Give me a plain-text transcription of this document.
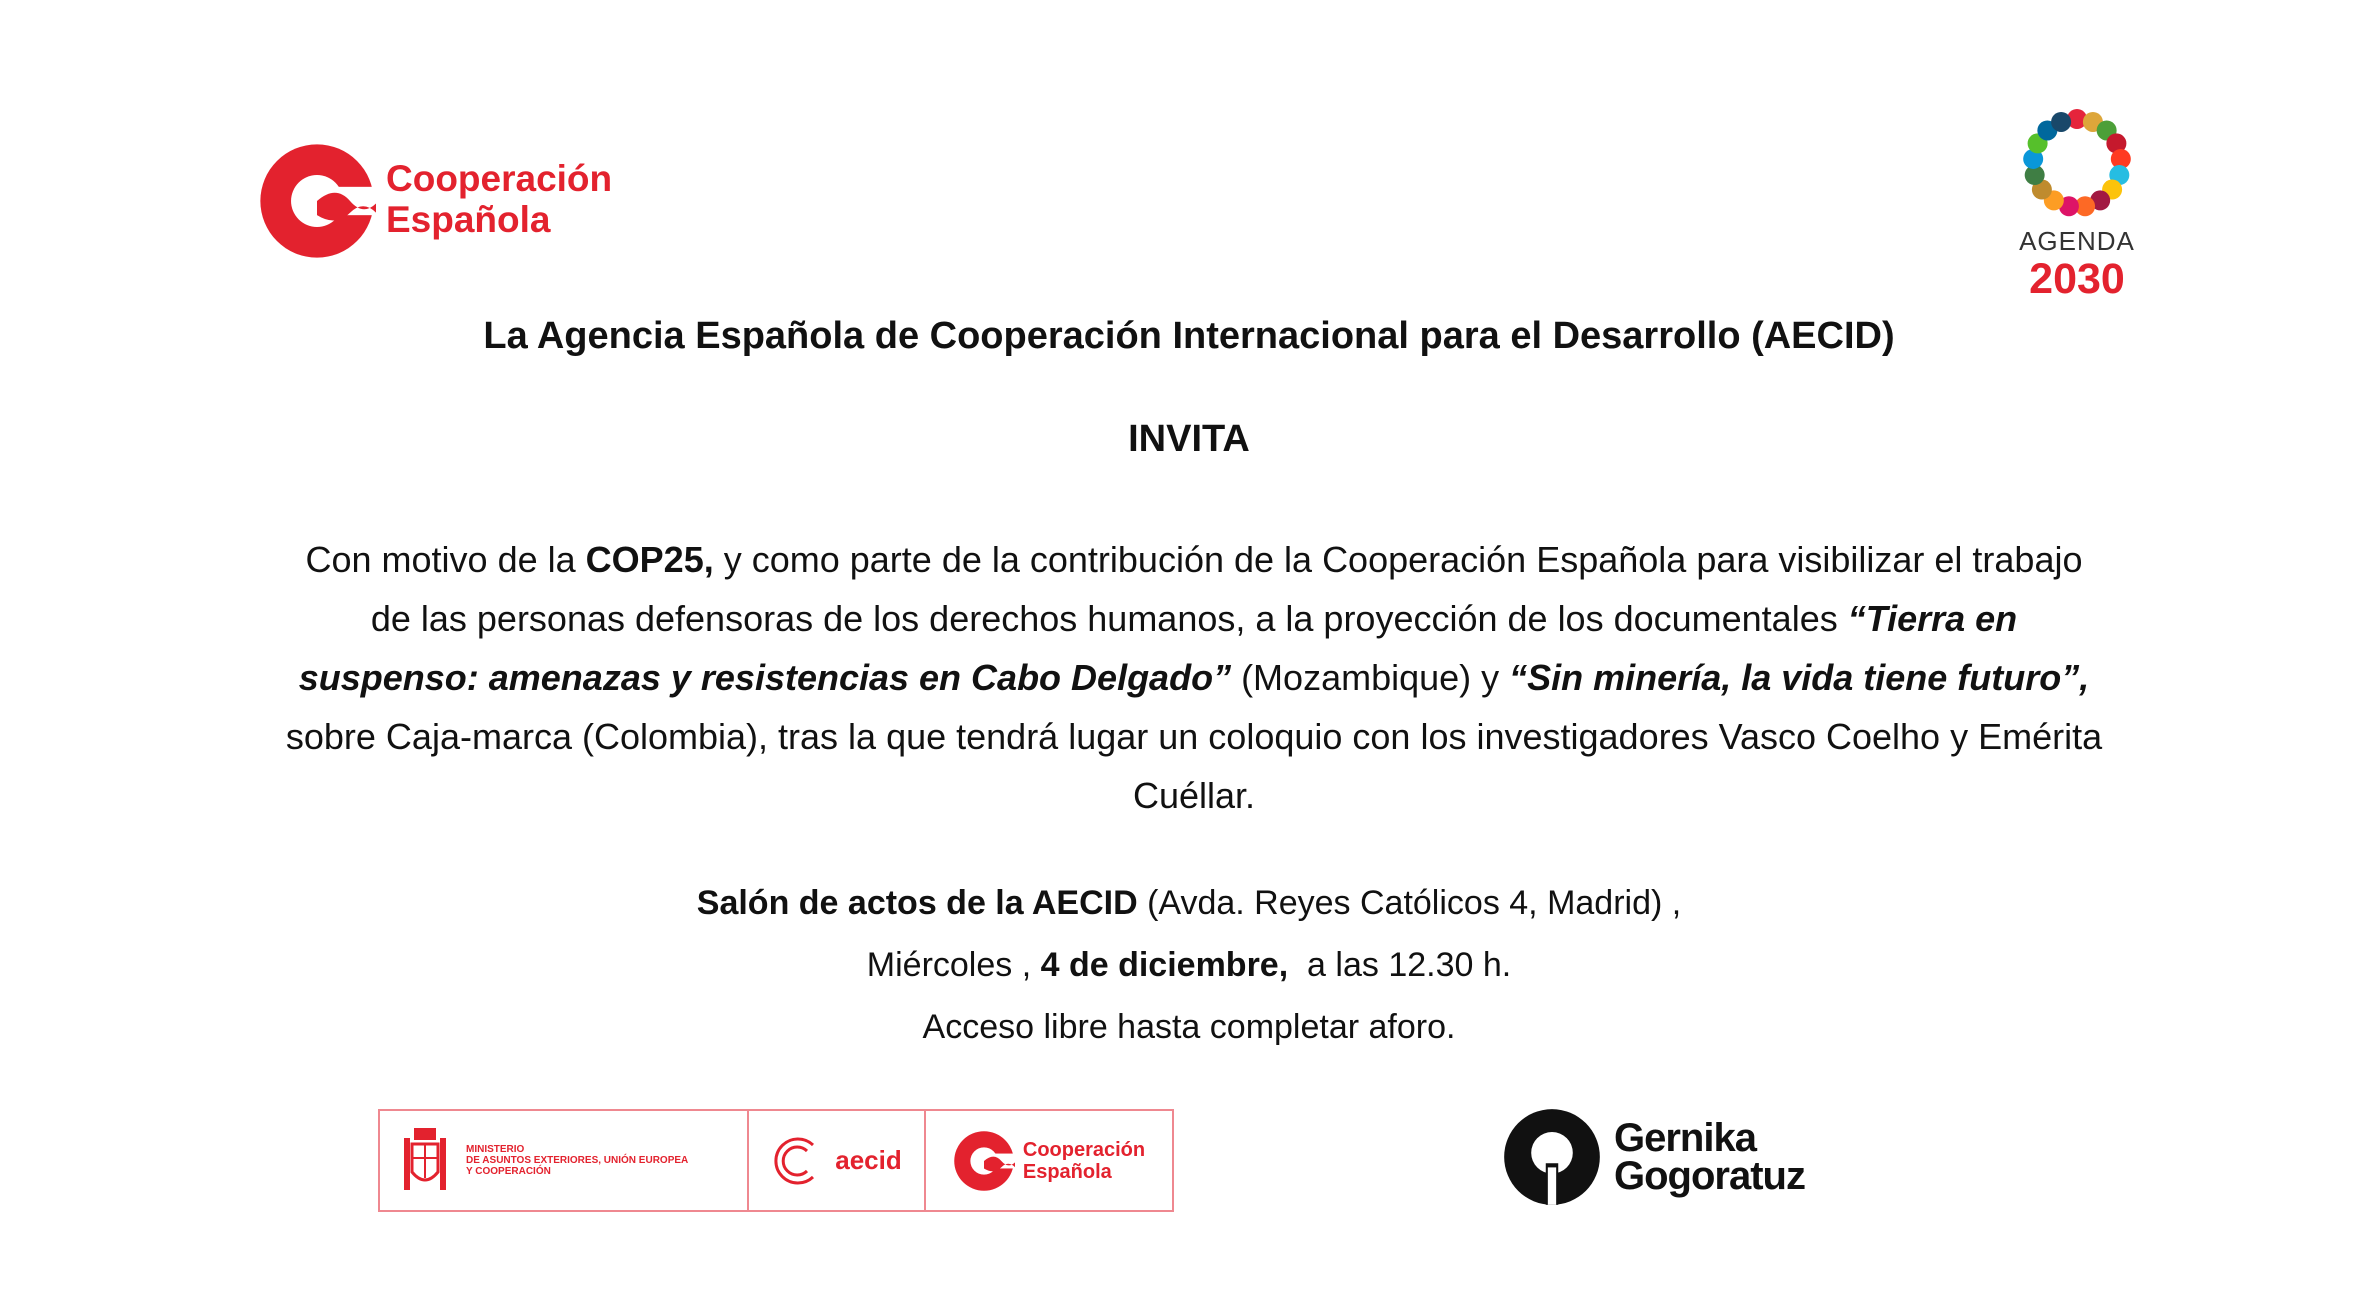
Cooperación
Española
AGENDA
2030
La Agencia Española de Cooperación Internacional para el Desarrollo (AECID)
INVITA
Con motivo de la COP25, y como parte de la contribución de la Cooperación Española para visibilizar el trabajo de las personas defensoras de los derechos humanos, a la proyección de los documentales “Tierra en suspenso: amenazas y resistencias en Cabo Delgado” (Mozambique) y “Sin minería, la vida tiene futuro”, sobre Caja-marca (Colombia), tras la que tendrá lugar un coloquio con los investigadores Vasco Coelho y Emérita Cuéllar.
Salón de actos de la AECID (Avda. Reyes Católicos 4, Madrid) ,
Miércoles , 4 de diciembre,  a las 12.30 h.
Acceso libre hasta completar aforo.
MINISTERIO
DE ASUNTOS EXTERIORES, UNIÓN EUROPEA
Y COOPERACIÓN	aecid	Cooperación
Española
Gernika
Gogoratuz
